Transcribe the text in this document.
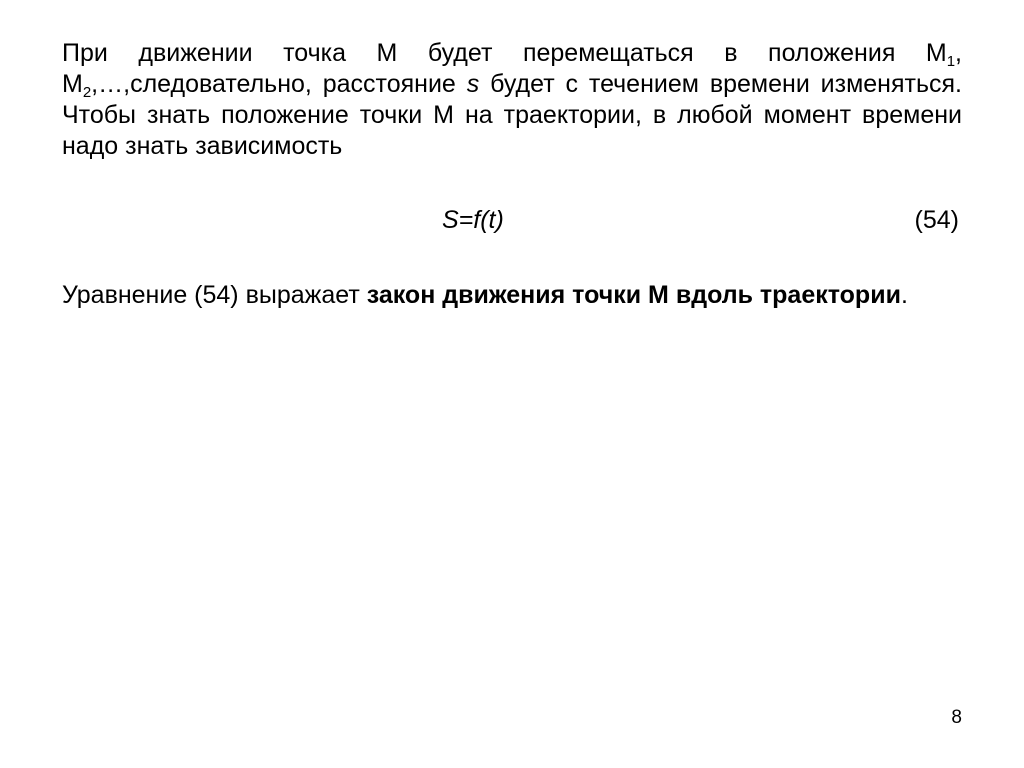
При движении точка М будет перемещаться в положения $М_1$, $М_2,\dots,следовательно$, расстояние s будет с течением времени изменяться. Чтобы знать положение точки М на траектории, в любой момент времени надо знать зависимость

S=f(t)	(54)

Уравнение (54) выражает закон движения точки М вдоль траектории.

8
